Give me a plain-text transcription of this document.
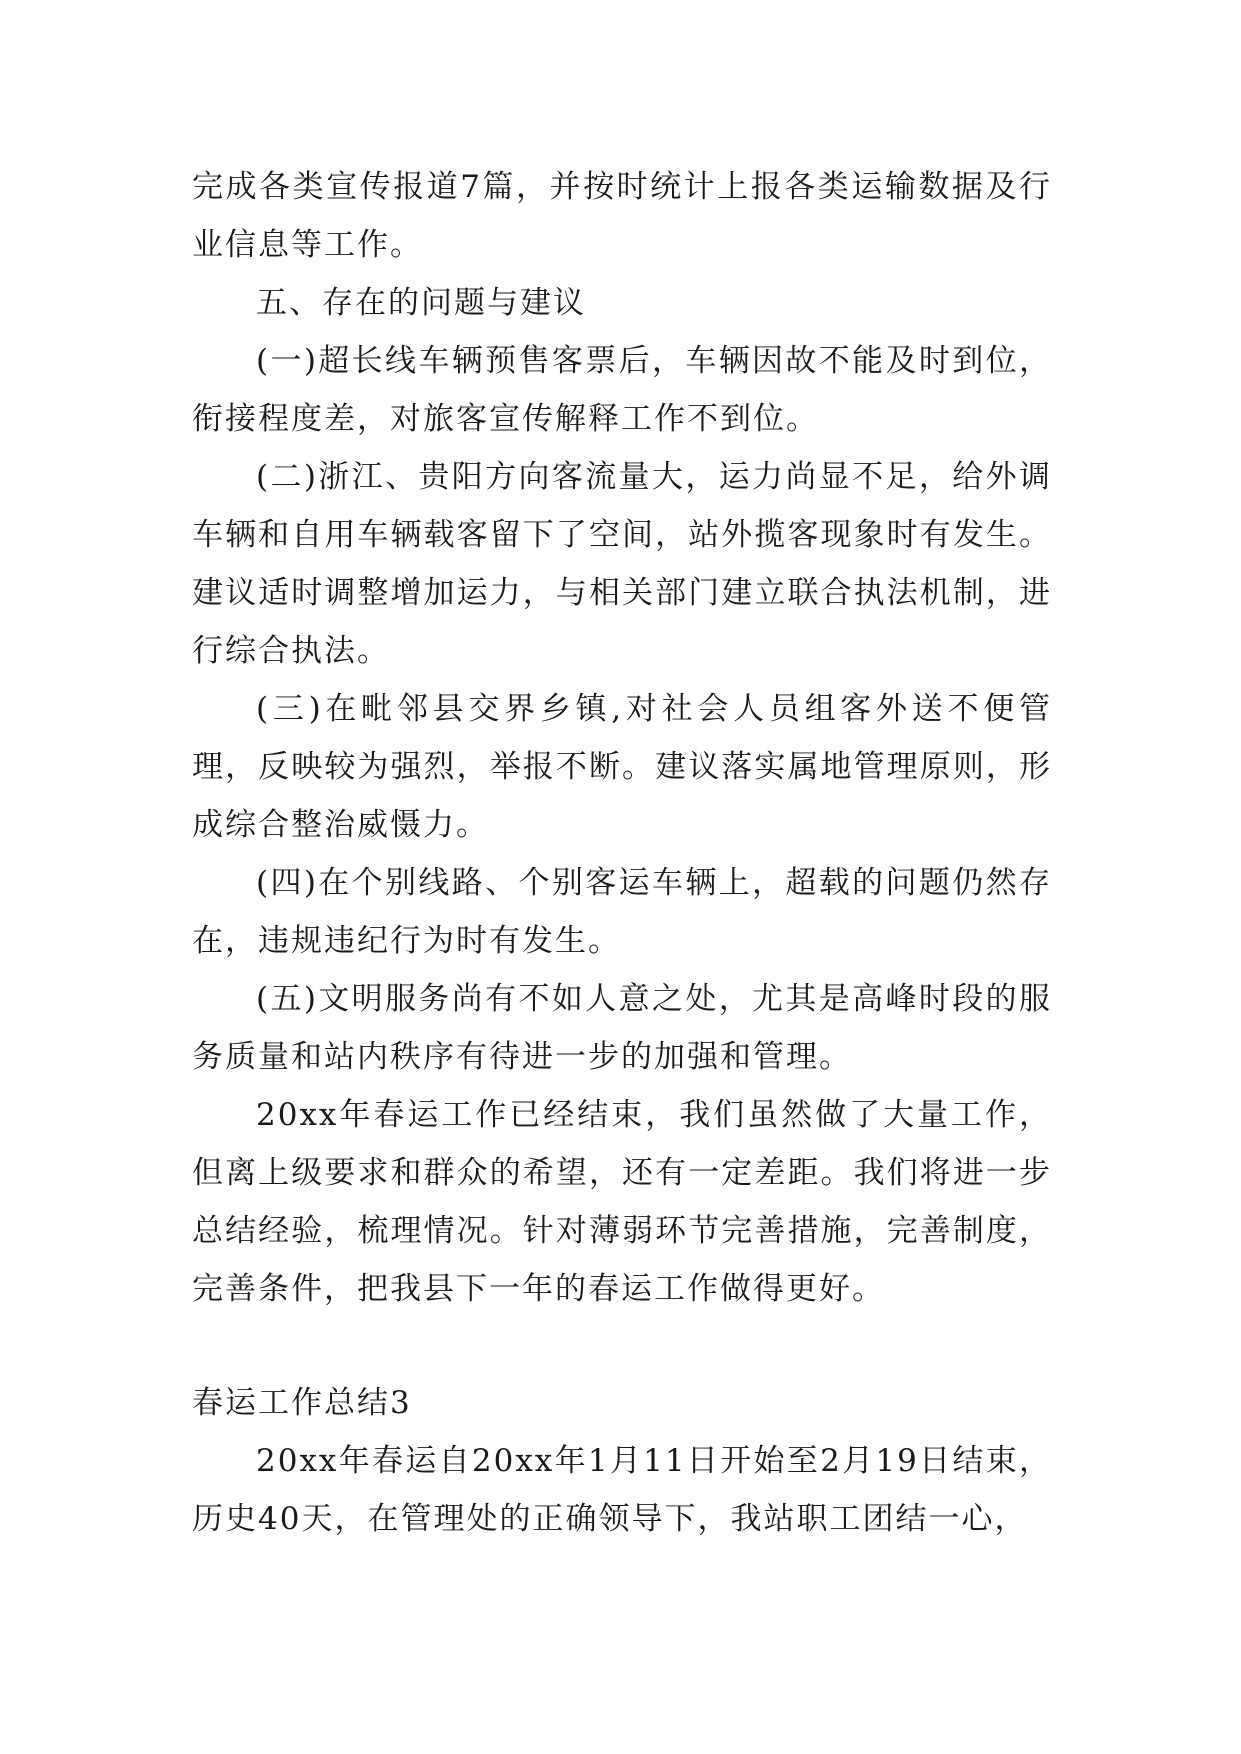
完成各类宣传报道7篇，并按时统计上报各类运输数据及行业信息等工作。

五、存在的问题与建议

(一)超长线车辆预售客票后，车辆因故不能及时到位，衔接程度差，对旅客宣传解释工作不到位。

(二)浙江、贵阳方向客流量大，运力尚显不足，给外调车辆和自用车辆载客留下了空间，站外揽客现象时有发生。建议适时调整增加运力，与相关部门建立联合执法机制，进行综合执法。

(三)在毗邻县交界乡镇,对社会人员组客外送不便管理，反映较为强烈，举报不断。建议落实属地管理原则，形成综合整治威慑力。

(四)在个别线路、个别客运车辆上，超载的问题仍然存在，违规违纪行为时有发生。

(五)文明服务尚有不如人意之处，尤其是高峰时段的服务质量和站内秩序有待进一步的加强和管理。

20xx年春运工作已经结束，我们虽然做了大量工作，但离上级要求和群众的希望，还有一定差距。我们将进一步总结经验，梳理情况。针对薄弱环节完善措施，完善制度，完善条件，把我县下一年的春运工作做得更好。

春运工作总结3

20xx年春运自20xx年1月11日开始至2月19日结束，历史40天，在管理处的正确领导下，我站职工团结一心，
